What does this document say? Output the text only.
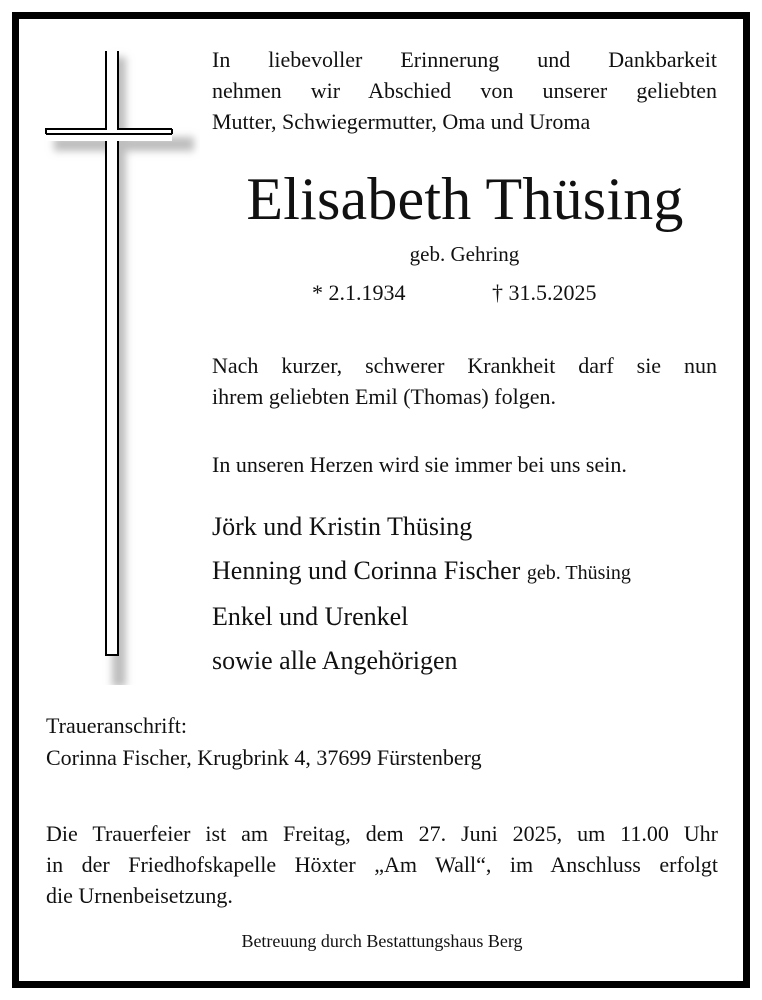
In liebevoller Erinnerung und Dankbarkeit
nehmen wir Abschied von unserer geliebten
Mutter, Schwiegermutter, Oma und Uroma
Elisabeth Thüsing
geb. Gehring
* 2.1.1934	† 31.5.2025
Nach kurzer, schwerer Krankheit darf sie nun
ihrem geliebten Emil (Thomas) folgen.
In unseren Herzen wird sie immer bei uns sein.
Jörk und Kristin Thüsing
Henning und Corinna Fischer geb. Thüsing
Enkel und Urenkel
sowie alle Angehörigen
Traueranschrift:
Corinna Fischer, Krugbrink 4, 37699 Fürstenberg
Die Trauerfeier ist am Freitag, dem 27. Juni 2025, um 11.00 Uhr
in der Friedhofskapelle Höxter „Am Wall“, im Anschluss erfolgt
die Urnenbeisetzung.
Betreuung durch Bestattungshaus Berg
